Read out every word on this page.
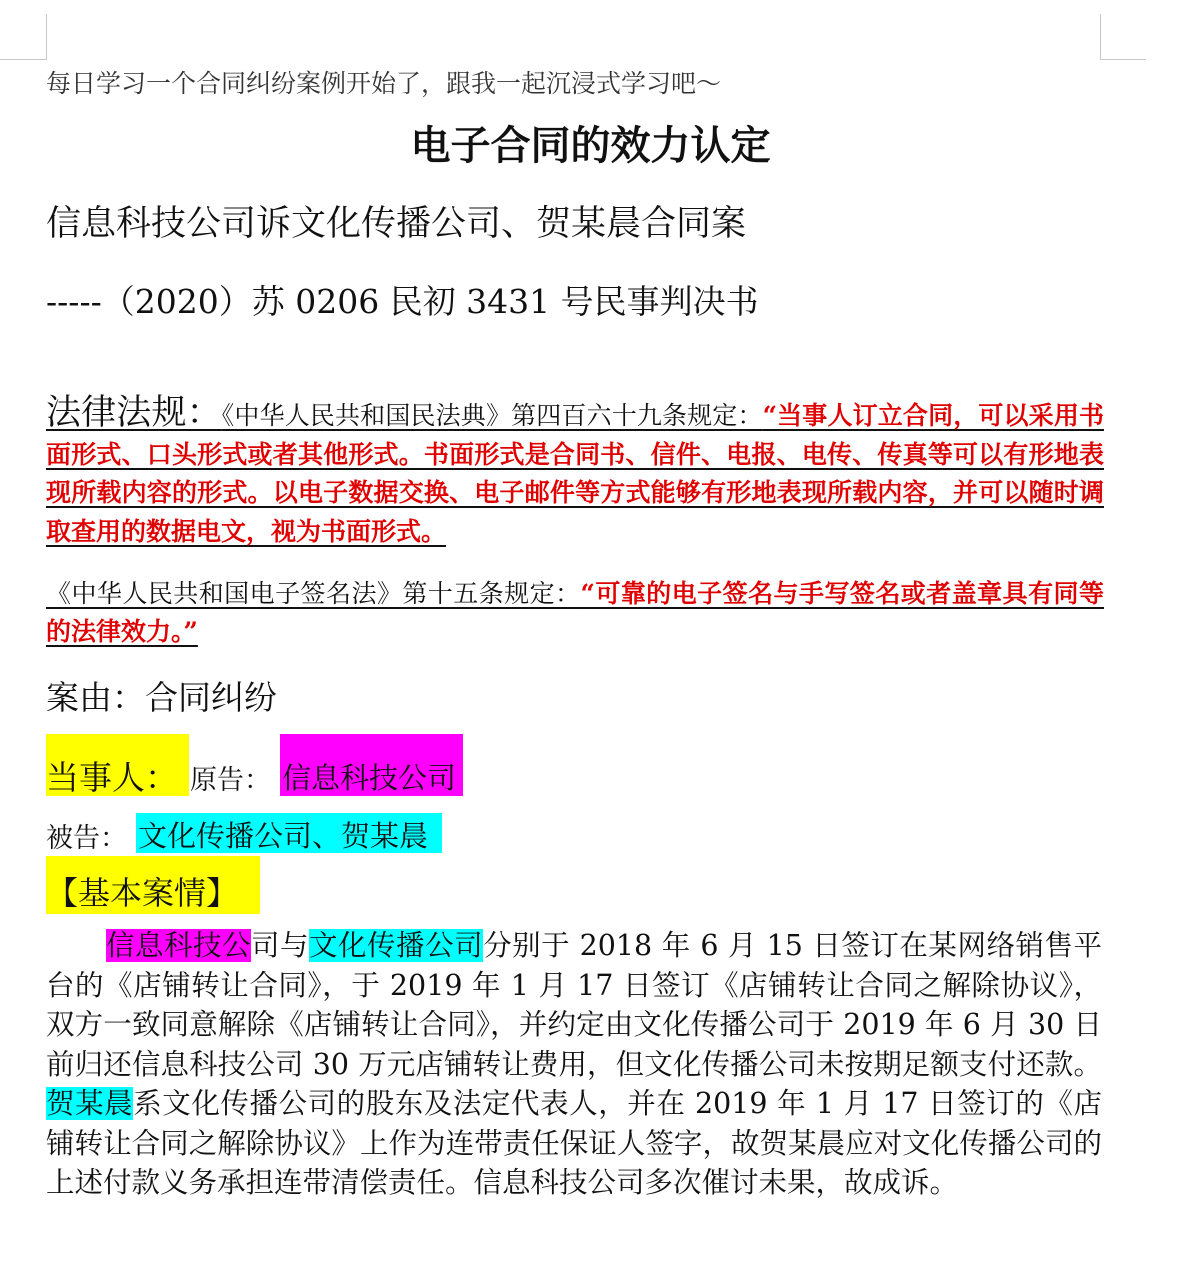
每日学习一个合同纠纷案例开始了，跟我一起沉浸式学习吧～
电子合同的效力认定
信息科技公司诉文化传播公司、贺某晨合同案
-----（2020）苏 0206 民初 3431 号民事判决书
法律法规：《中华人民共和国民法典》第四百六十九条规定：“当事人订立合同，可以采用书面形式、口头形式或者其他形式。书面形式是合同书、信件、电报、电传、传真等可以有形地表现所载内容的形式。以电子数据交换、电子邮件等方式能够有形地表现所载内容，并可以随时调取查用的数据电文，视为书面形式。
《中华人民共和国电子签名法》第十五条规定：“可靠的电子签名与手写签名或者盖章具有同等的法律效力。”
案由：合同纠纷
当事人： 原告： 信息科技公司
被告： 文化传播公司、贺某晨
【基本案情】
信息科技公司与文化传播公司分别于 2018 年 6 月 15 日签订在某网络销售平台的《店铺转让合同》，于 2019 年 1 月 17 日签订《店铺转让合同之解除协议》，双方一致同意解除《店铺转让合同》，并约定由文化传播公司于 2019 年 6 月 30 日前归还信息科技公司 30 万元店铺转让费用，但文化传播公司未按期足额支付还款。贺某晨系文化传播公司的股东及法定代表人，并在 2019 年 1 月 17 日签订的《店铺转让合同之解除协议》上作为连带责任保证人签字，故贺某晨应对文化传播公司的上述付款义务承担连带清偿责任。信息科技公司多次催讨未果，故成诉。
